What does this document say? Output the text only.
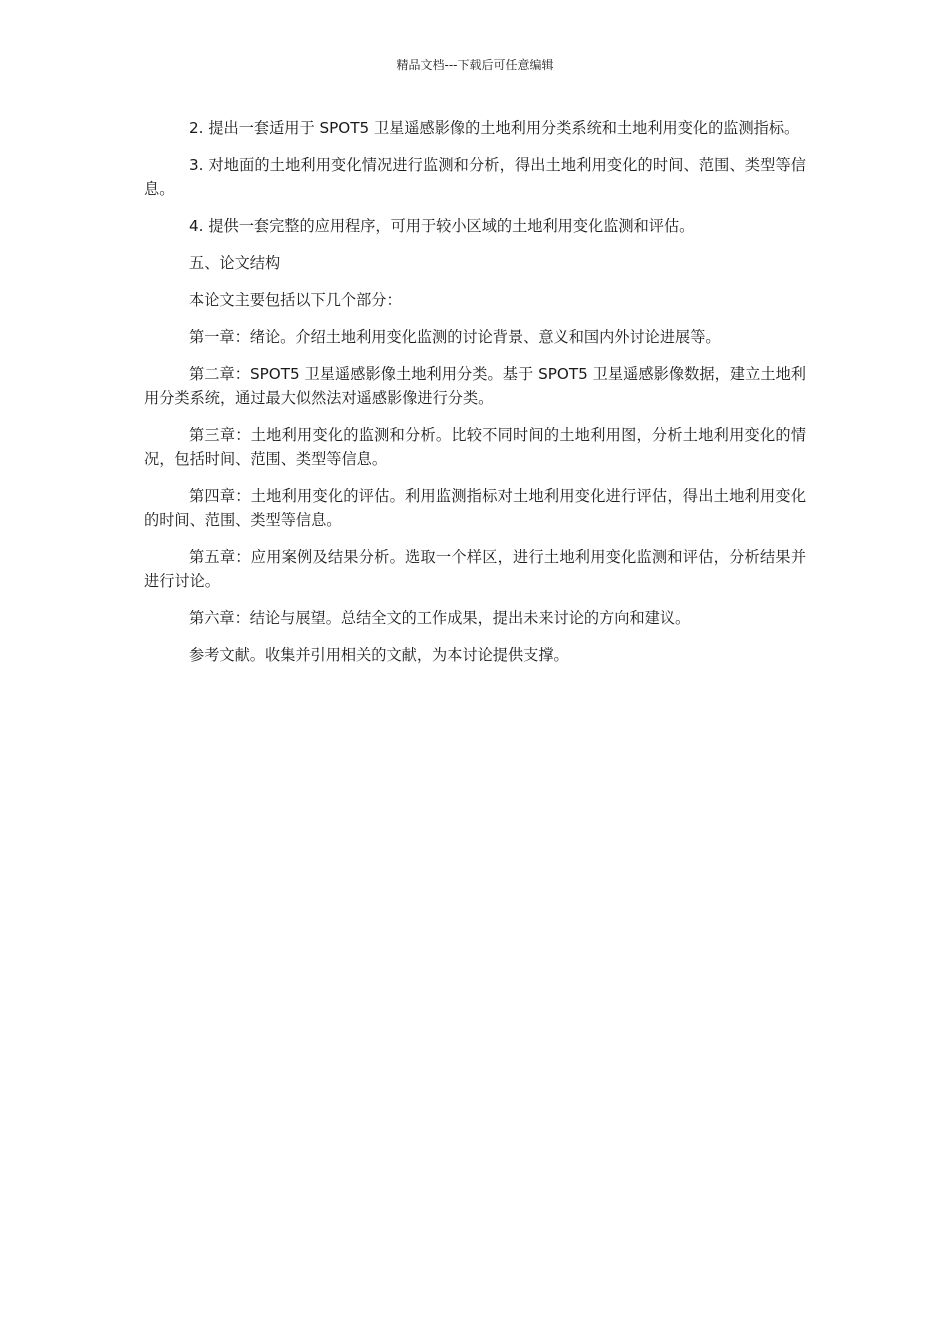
精品文档---下载后可任意编辑

2. 提出一套适用于 SPOT5 卫星遥感影像的土地利用分类系统和土地利用变化的监测指标。

3. 对地面的土地利用变化情况进行监测和分析，得出土地利用变化的时间、范围、类型等信息。

4. 提供一套完整的应用程序，可用于较小区域的土地利用变化监测和评估。

五、论文结构

本论文主要包括以下几个部分：

第一章：绪论。介绍土地利用变化监测的讨论背景、意义和国内外讨论进展等。

第二章：SPOT5 卫星遥感影像土地利用分类。基于 SPOT5 卫星遥感影像数据，建立土地利用分类系统，通过最大似然法对遥感影像进行分类。

第三章：土地利用变化的监测和分析。比较不同时间的土地利用图，分析土地利用变化的情况，包括时间、范围、类型等信息。

第四章：土地利用变化的评估。利用监测指标对土地利用变化进行评估，得出土地利用变化的时间、范围、类型等信息。

第五章：应用案例及结果分析。选取一个样区，进行土地利用变化监测和评估，分析结果并进行讨论。

第六章：结论与展望。总结全文的工作成果，提出未来讨论的方向和建议。

参考文献。收集并引用相关的文献，为本讨论提供支撑。
